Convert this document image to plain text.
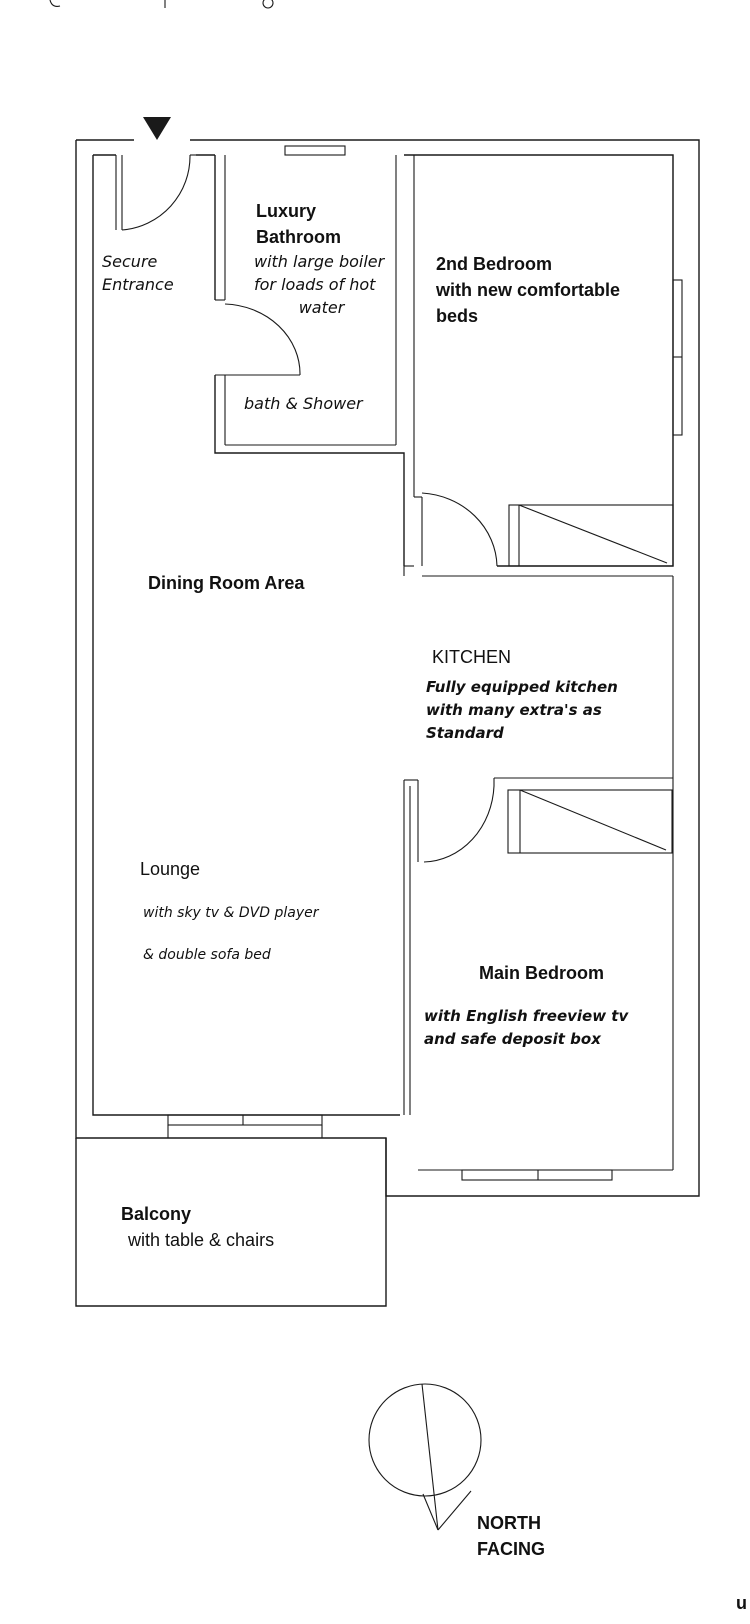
Secure
Entrance
Luxury
Bathroom
with large boiler
for loads of hot
water
bath & Shower
2nd Bedroom
with new comfortable
beds
Dining Room Area
KITCHEN
Fully equipped kitchen
with many extra's as
Standard
Lounge
with sky tv & DVD player
& double sofa bed
Main Bedroom
with English freeview tv
and safe deposit box
Balcony
with table & chairs
NORTH
FACING
u
